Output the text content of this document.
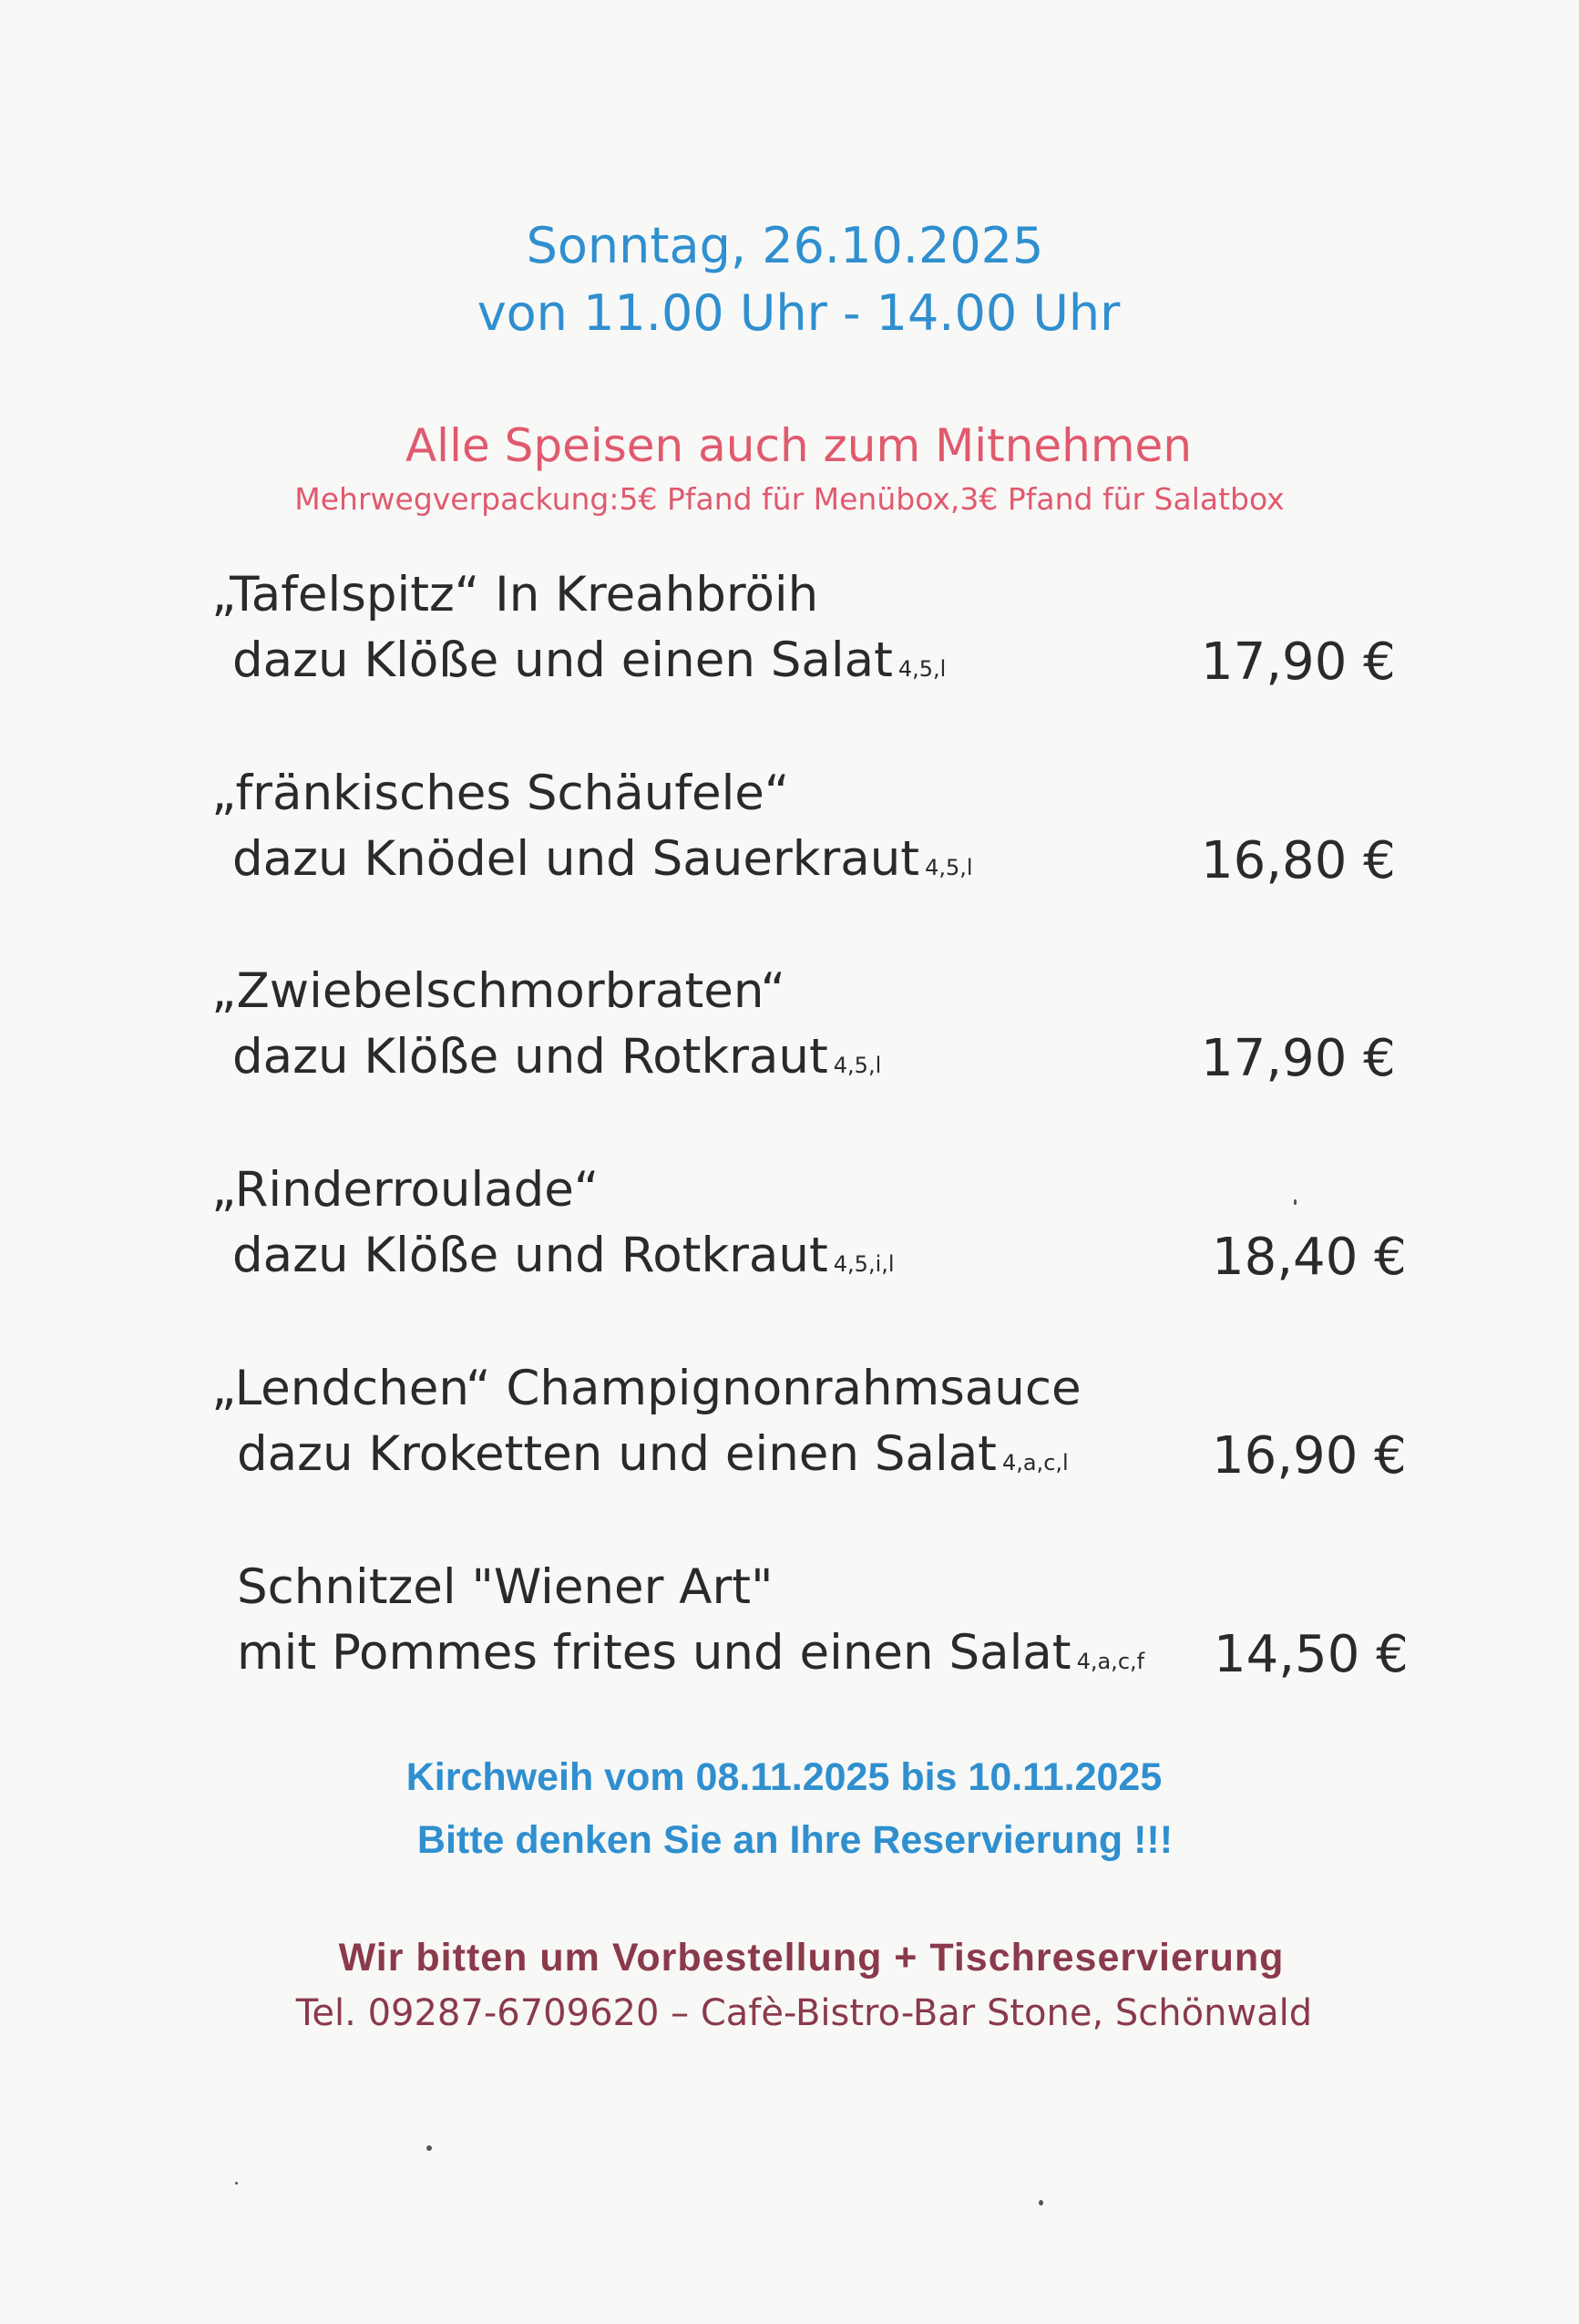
Sonntag, 26.10.2025
von 11.00 Uhr - 14.00 Uhr
Alle Speisen auch zum Mitnehmen
Mehrwegverpackung:5€ Pfand für Menübox,3€ Pfand für Salatbox
„Tafelspitz“ In Kreahbröih
dazu Klöße und einen Salat 4,5,l	17,90 €
„fränkisches Schäufele“
dazu Knödel und Sauerkraut 4,5,l	16,80 €
„Zwiebelschmorbraten“
dazu Klöße und Rotkraut 4,5,l	17,90 €
„Rinderroulade“
dazu Klöße und Rotkraut 4,5,i,l	18,40 €
„Lendchen“ Champignonrahmsauce
dazu Kroketten und einen Salat 4,a,c,l	16,90 €
Schnitzel "Wiener Art"
mit Pommes frites und einen Salat 4,a,c,f 14,50 €
Kirchweih vom 08.11.2025 bis 10.11.2025
Bitte denken Sie an Ihre Reservierung !!!
Wir bitten um Vorbestellung + Tischreservierung
Tel. 09287-6709620 – Cafè-Bistro-Bar Stone, Schönwald
